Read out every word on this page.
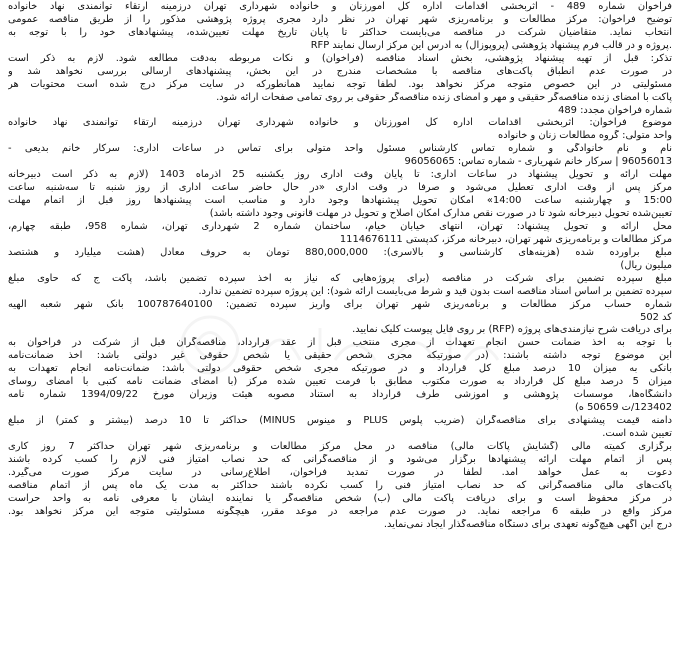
فراخوان شماره 489 - اثربخشی اقدامات اداره کل امورزنان و خانواده شهرداری تهران درزمینه ارتقاء توانمندی نهاد خانواده
توضیح فراخوان: مرکز مطالعات و برنامه‌ریزی شهر تهران در نظر دارد مجری پروژه پژوهشی مذکور را از طریق مناقصه عمومی
انتخاب نماید. متقاضیان شرکت در مناقصه می‌بایست حداکثر تا پایان تاریخ مهلت تعیین‌شده، پیشنهادهای خود را با توجه به
RFP پروژه و در قالب فرم پیشنهاد پژوهشی (پروپوزال) به آدرس این مرکز ارسال نمایند.
تذکر: قبل از تهیه پیشنهاد پژوهشی، بخش اسناد مناقصه (فراخوان) و نکات مربوطه به‌دقت مطالعه شود. لازم به ذکر است
در صورت عدم انطباق پاکت‌های مناقصه با مشخصات مندرج در این بخش، پیشنهادهای ارسالی بررسی نخواهد شد و
مسئولیتی در این خصوص متوجه مرکز نخواهد بود. لطفا توجه نمایید همانطورکه در سایت مرکز درج شده است محتویات هر
پاکت با امضای زنده مناقصه‌گر حقیقی و مهر و امضای زنده مناقصه‌گر حقوقی بر روی تمامی صفحات ارائه شود.
شماره فراخوان مجدد: 489
موضوع فراخوان: اثربخشی اقدامات اداره کل امورزنان و خانواده شهرداری تهران درزمینه ارتقاء توانمندی نهاد خانواده
واحد متولی: گروه مطالعات زنان و خانواده
نام و نام خانوادگی و شماره تماس کارشناس مسئول واحد متولی برای تماس در ساعات اداری: سرکار خانم بدیعی -
96056013 | سرکار خانم شهریاری - شماره تماس: 96056065
مهلت ارائه و تحویل پیشنهاد در ساعات اداری: تا پایان وقت اداری روز یکشنبه 25 آذرماه 1403 (لازم به ذکر است دبیرخانه
مرکز پس از وقت اداری تعطیل می‌شود و صرفاً در وقت اداری «در حال حاضر ساعت اداری از روز شنبه تا سه‌شنبه ساعت
15:00 و چهارشنبه ساعت 14:00» امکان تحویل پیشنهادها وجود دارد و مناسب است پیشنهادها روز قبل از اتمام مهلت
تعیین‌شده تحویل دبیرخانه شود تا در صورت نقص مدارک امکان اصلاح و تحویل در مهلت قانونی وجود داشته باشد)
محل ارائه و تحویل پیشنهاد: تهران، انتهای خیابان خیام، ساختمان شماره 2 شهرداری تهران، شماره 958، طبقه چهارم،
مرکز مطالعات و برنامه‌ریزی شهر تهران، دبیرخانه مرکز، کدپستی 1114676111
مبلغ برآورده شده (هزینه‌های کارشناسی و بالاسری): 880,000,000 تومان به حروف معادل (هشت میلیارد و هشتصد
میلیون ریال)
مبلغ سپرده تضمین برای شرکت در مناقصه (برای پروژه‌هایی که نیاز به اخذ سپرده تضمین باشد، پاکت ج که حاوی مبلغ
سپرده تضمین بر اساس اسناد مناقصه است بدون قید و شرط می‌بایست ارائه شود): این پروژه سپرده تضمین ندارد.
شماره حساب مرکز مطالعات و برنامه‌ریزی شهر تهران برای واریز سپرده تضمین: 100787640100 بانک شهر شعبه الهیه
کد 502
برای دریافت شرح نیازمندی‌های پروژه (RFP) بر روی فایل پیوست کلیک نمایید.
با توجه به اخذ ضمانت حسن انجام تعهدات از مجری منتخب قبل از عقد قرارداد، مناقصه‌گران قبل از شرکت در فراخوان به
این موضوع توجه داشته باشند: (در صورتیکه مجری شخص حقیقی یا شخص حقوقی غیر دولتی باشد: اخذ ضمانت‌نامه
بانکی به میزان 10 درصد مبلغ کل قرارداد و در صورتیکه مجری شخص حقوقی دولتی باشد: ضمانت‌نامه انجام تعهدات به
میزان 5 درصد مبلغ کل قرارداد به صورت مکتوب مطابق با فرمت تعیین شده مرکز (با امضای ضمانت نامه کتبی با امضای روسای
دانشگاه‌ها، موسسات پژوهشی و آموزشی طرف قرارداد به استناد مصوبه هیئت وزیران مورخ 1394/09/22 شماره نامه
123402/ت 50659 ه)
دامنه قیمت پیشنهادی برای مناقصه‌گران (ضریب پلوس PLUS و مینوس MINUS) حداکثر تا 10 درصد (بیشتر و کمتر) از مبلغ
تعیین شده است.
برگزاری کمیته مالی (گشایش پاکات مالی) مناقصه در محل مرکز مطالعات و برنامه‌ریزی شهر تهران حداکثر 7 روز کاری
پس از اتمام مهلت ارائه پیشنهادها برگزار می‌شود و از مناقصه‌گرانی که حد نصاب امتیاز فنی لازم را کسب کرده باشند
دعوت به عمل خواهد آمد. لطفا در صورت تمدید فراخوان، اطلاع‌رسانی در سایت مرکز صورت می‌گیرد.
پاکت‌های مالی مناقصه‌گرانی که حد نصاب امتیاز فنی را کسب نکرده باشند حداکثر به مدت یک ماه پس از اتمام مناقصه
در مرکز محفوظ است و برای دریافت پاکت مالی (ب) شخص مناقصه‌گر یا نماینده ایشان با معرفی نامه به واحد حراست
مرکز واقع در طبقه 6 مراجعه نماید. در صورت عدم مراجعه در موعد مقرر، هیچگونه مسئولیتی متوجه این مرکز نخواهد بود.
درج این آگهی هیچ‌گونه تعهدی برای دستگاه مناقصه‌گذار ایجاد نمی‌نماید.
